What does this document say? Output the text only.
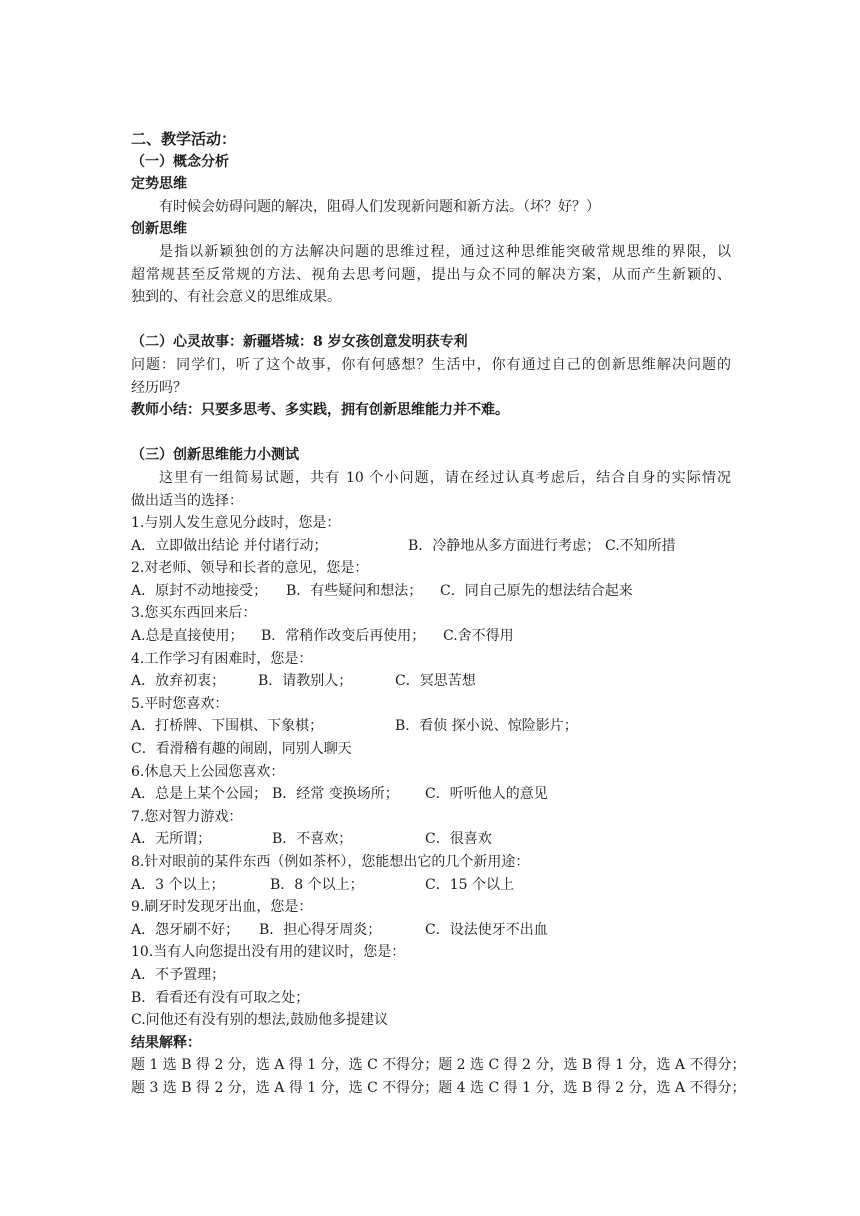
二、教学活动：
（一）概念分析
定势思维
有时候会妨碍问题的解决，阻碍人们发现新问题和新方法。（坏？好？）
创新思维
是指以新颖独创的方法解决问题的思维过程，通过这种思维能突破常规思维的界限，以
超常规甚至反常规的方法、视角去思考问题，提出与众不同的解决方案，从而产生新颖的、
独到的、有社会意义的思维成果。
（二）心灵故事：新疆塔城：8 岁女孩创意发明获专利
问题：同学们，听了这个故事，你有何感想？生活中，你有通过自己的创新思维解决问题的
经历吗？
教师小结：只要多思考、多实践，拥有创新思维能力并不难。
（三）创新思维能力小测试
这里有一组简易试题，共有 10 个小问题，请在经过认真考虑后，结合自身的实际情况
做出适当的选择：
1.与别人发生意见分歧时，您是：
A．立即做出结论 并付诸行动；	B．冷静地从多方面进行考虑； C.不知所措
2.对老师、领导和长者的意见，您是：
A．原封不动地接受； B．有些疑问和想法； C．同自己原先的想法结合起来
3.您买东西回来后：
A.总是直接使用； B．常稍作改变后再使用； C.舍不得用
4.工作学习有困难时，您是：
A．放弃初衷； B．请教别人；	C．冥思苦想
5.平时您喜欢：
A．打桥牌、下围棋、下象棋；	B．看侦 探小说、惊险影片；
C．看滑稽有趣的闹剧，同别人聊天
6.休息天上公园您喜欢：
A．总是上某个公园； B．经常 变换场所； C．听听他人的意见
7.您对智力游戏：
A．无所谓；	B．不喜欢；	C．很喜欢
8.针对眼前的某件东西（例如茶杯），您能想出它的几个新用途：
A．3 个以上；	B．8 个以上；	C．15 个以上
9.刷牙时发现牙出血，您是：
A．怨牙刷不好； B．担心得牙周炎；	C．设法使牙不出血
10.当有人向您提出没有用的建议时，您是：
A．不予置理；
B．看看还有没有可取之处；
C.问他还有没有别的想法,鼓励他多提建议
结果解释：
题 1 选 B 得 2 分，选 A 得 1 分，选 C 不得分；题 2 选 C 得 2 分，选 B 得 1 分，选 A 不得分；
题 3 选 B 得 2 分，选 A 得 1 分，选 C 不得分；题 4 选 C 得 1 分，选 B 得 2 分，选 A 不得分；
